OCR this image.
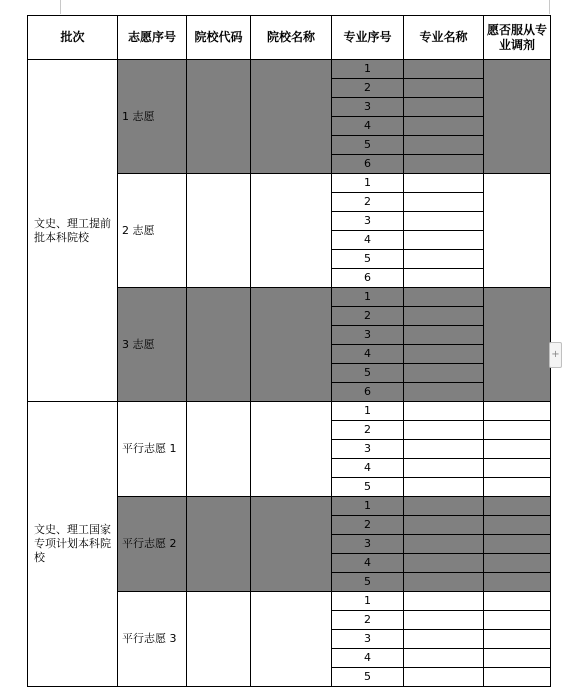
批次	志愿序号	院校代码	院校名称	专业序号	专业名称	愿否服从专业调剂
文史、理工提前批本科院校	1 志愿			1		
				2		
				3		
				4		
				5		
				6		
	2 志愿			1		
				2		
				3		
				4		
				5		
				6		
	3 志愿			1		
				2		
				3		
				4		
				5		
				6		
文史、理工国家专项计划本科院校	平行志愿 1			1		
				2		
				3		
				4		
				5		
	平行志愿 2			1		
				2		
				3		
				4		
				5		
	平行志愿 3			1		
				2		
				3		
				4		
				5		
+
